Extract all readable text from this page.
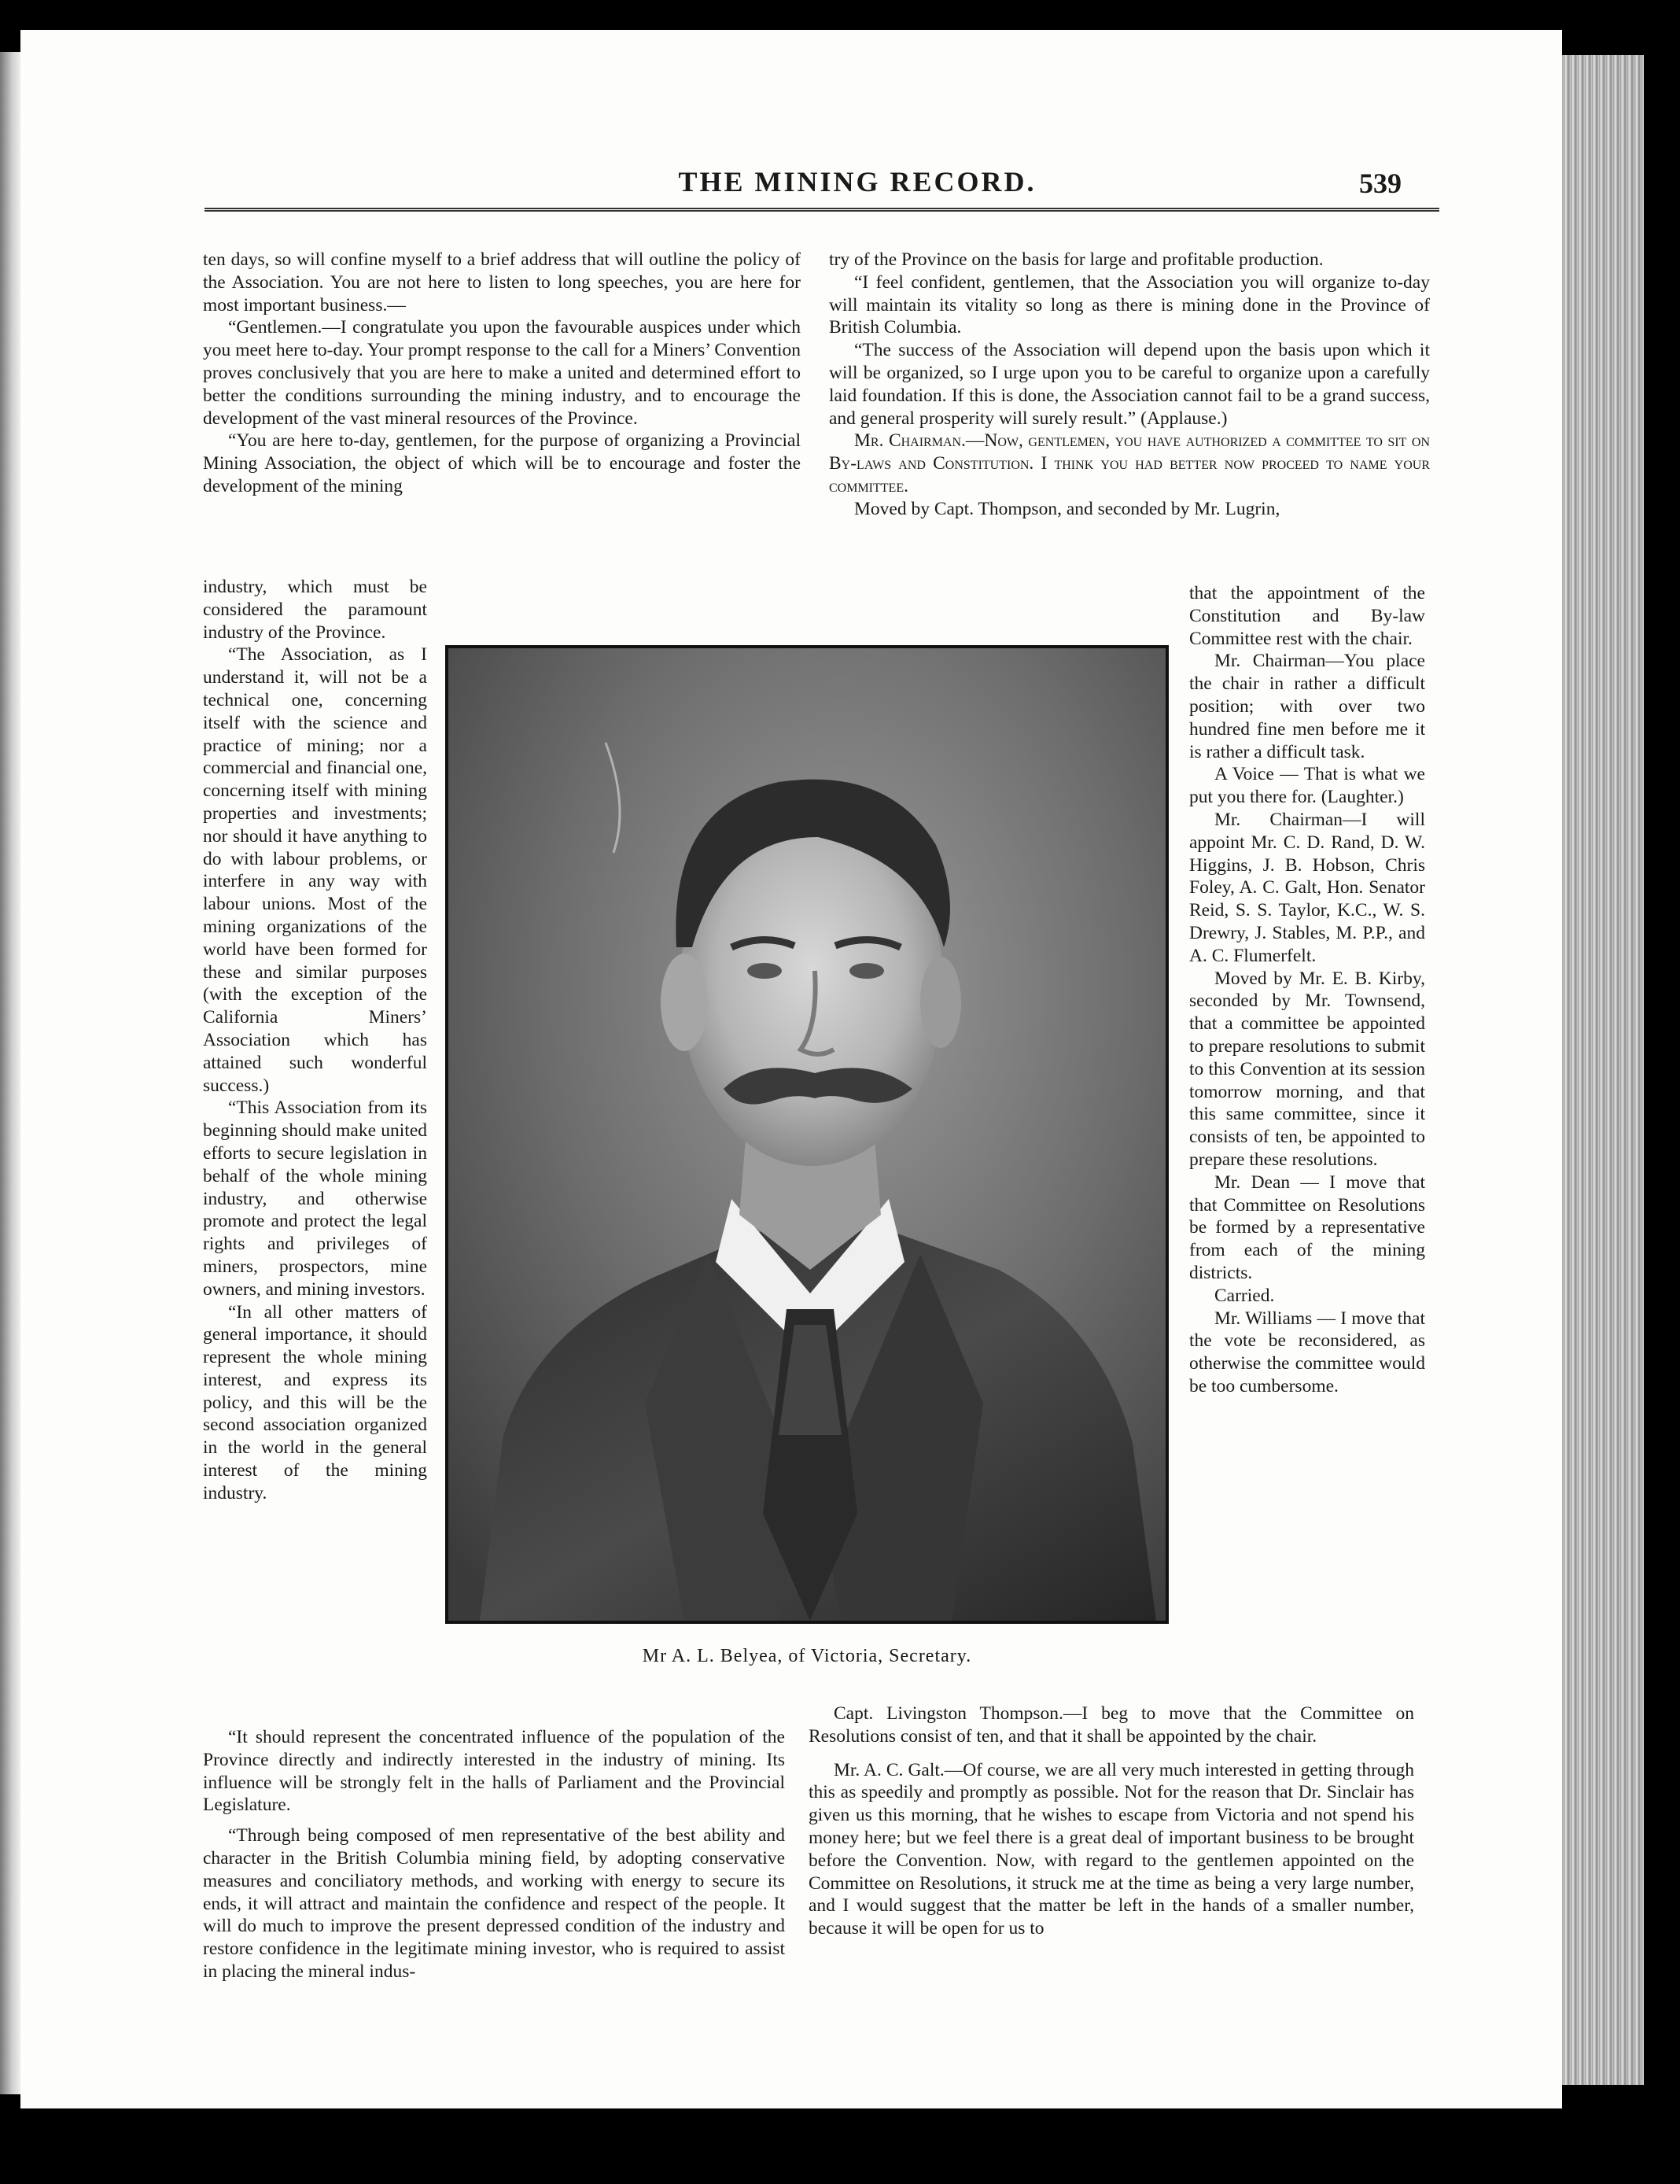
THE MINING RECORD.	539

ten days, so will confine myself to a brief address that will outline the policy of the Association. You are not here to listen to long speeches, you are here for most important business.—

“Gentlemen.—I congratulate you upon the favourable auspices under which you meet here to-day. Your prompt response to the call for a Miners’ Convention proves conclusively that you are here to make a united and determined effort to better the conditions surrounding the mining industry, and to encourage the development of the vast mineral resources of the Province.

“You are here to-day, gentlemen, for the purpose of organizing a Provincial Mining Association, the object of which will be to encourage and foster the development of the mining

industry, which must be considered the paramount industry of the Province.

“The Association, as I understand it, will not be a technical one, concerning itself with the science and practice of mining; nor a commercial and financial one, concerning itself with mining properties and investments; nor should it have anything to do with labour problems, or interfere in any way with labour unions. Most of the mining organizations of the world have been formed for these and similar purposes (with the exception of the California Miners’ Association which has attained such wonderful success.)

“This Association from its beginning should make united efforts to secure legislation in behalf of the whole mining industry, and otherwise promote and protect the legal rights and privileges of miners, prospectors, mine owners, and mining investors.

“In all other matters of general importance, it should represent the whole mining interest, and express its policy, and this will be the second association organized in the world in the general interest of the mining industry.

“It should represent the concentrated influence of the population of the Province directly and indirectly interested in the industry of mining. Its influence will be strongly felt in the halls of Parliament and the Provincial Legislature.

“Through being composed of men representative of the best ability and character in the British Columbia mining field, by adopting conservative measures and conciliatory methods, and working with energy to secure its ends, it will attract and maintain the confidence and respect of the people. It will do much to improve the present depressed condition of the industry and restore confidence in the legitimate mining investor, who is required to assist in placing the mineral indus-

try of the Province on the basis for large and profitable production.

“I feel confident, gentlemen, that the Association you will organize to-day will maintain its vitality so long as there is mining done in the Province of British Columbia.

“The success of the Association will depend upon the basis upon which it will be organized, so I urge upon you to be careful to organize upon a carefully laid foundation. If this is done, the Association cannot fail to be a grand success, and general prosperity will surely result.” (Applause.)

Mr. Chairman.—Now, gentlemen, you have authorized a committee to sit on By-laws and Constitution. I think you had better now proceed to name your committee.

Moved by Capt. Thompson, and seconded by Mr. Lugrin,

that the appointment of the Constitution and By-law Committee rest with the chair.

Mr. Chairman—You place the chair in rather a difficult position; with over two hundred fine men before me it is rather a difficult task.

A Voice — That is what we put you there for. (Laughter.)

Mr. Chairman—I will appoint Mr. C. D. Rand, D. W. Higgins, J. B. Hobson, Chris Foley, A. C. Galt, Hon. Senator Reid, S. S. Taylor, K.C., W. S. Drewry, J. Stables, M. P.P., and A. C. Flumerfelt.

Moved by Mr. E. B. Kirby, seconded by Mr. Townsend, that a committee be appointed to prepare resolutions to submit to this Convention at its session tomorrow morning, and that this same committee, since it consists of ten, be appointed to prepare these resolutions.

Mr. Dean — I move that that Committee on Resolutions be formed by a representative from each of the mining districts.

Carried.

Mr. Williams — I move that the vote be reconsidered, as otherwise the committee would be too cumbersome.

Capt. Livingston Thompson.—I beg to move that the Committee on Resolutions consist of ten, and that it shall be appointed by the chair.

Mr. A. C. Galt.—Of course, we are all very much interested in getting through this as speedily and promptly as possible. Not for the reason that Dr. Sinclair has given us this morning, that he wishes to escape from Victoria and not spend his money here; but we feel there is a great deal of important business to be brought before the Convention. Now, with regard to the gentlemen appointed on the Committee on Resolutions, it struck me at the time as being a very large number, and I would suggest that the matter be left in the hands of a smaller number, because it will be open for us to

Mr A. L. Belyea, of Victoria, Secretary.
